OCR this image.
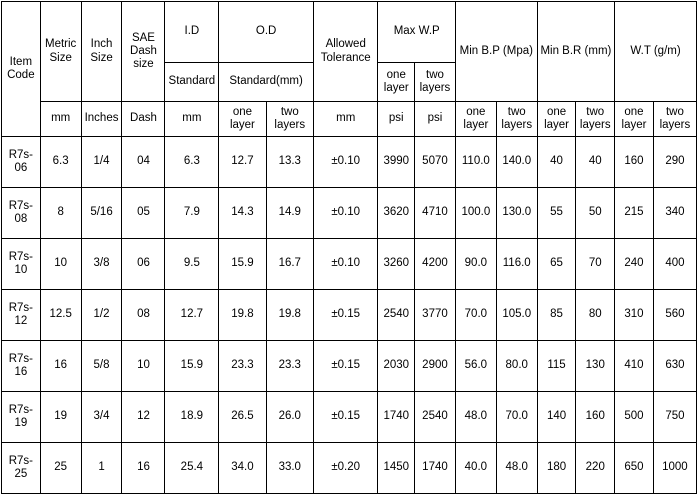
Item Code	Metric Size	Inch Size	SAE Dash size	I.D	O.D		Allowed Tolerance	Max W.P		Min B.P (Mpa)		Min B.R (mm)		W.T (g/m)	
				Standard	Standard(mm)			one layer	two layers						
	mm	Inches	Dash	mm	one layer	two layers	mm	psi	psi	one layer	two layers	one layer	two layers	one layer	two layers
R7s-06	6.3	1/4	04	6.3	12.7	13.3	±0.10	3990	5070	110.0	140.0	40	40	160	290
R7s-08	8	5/16	05	7.9	14.3	14.9	±0.10	3620	4710	100.0	130.0	55	50	215	340
R7s-10	10	3/8	06	9.5	15.9	16.7	±0.10	3260	4200	90.0	116.0	65	70	240	400
R7s-12	12.5	1/2	08	12.7	19.8	19.8	±0.15	2540	3770	70.0	105.0	85	80	310	560
R7s-16	16	5/8	10	15.9	23.3	23.3	±0.15	2030	2900	56.0	80.0	115	130	410	630
R7s-19	19	3/4	12	18.9	26.5	26.0	±0.15	1740	2540	48.0	70.0	140	160	500	750
R7s-25	25	1	16	25.4	34.0	33.0	±0.20	1450	1740	40.0	48.0	180	220	650	1000
